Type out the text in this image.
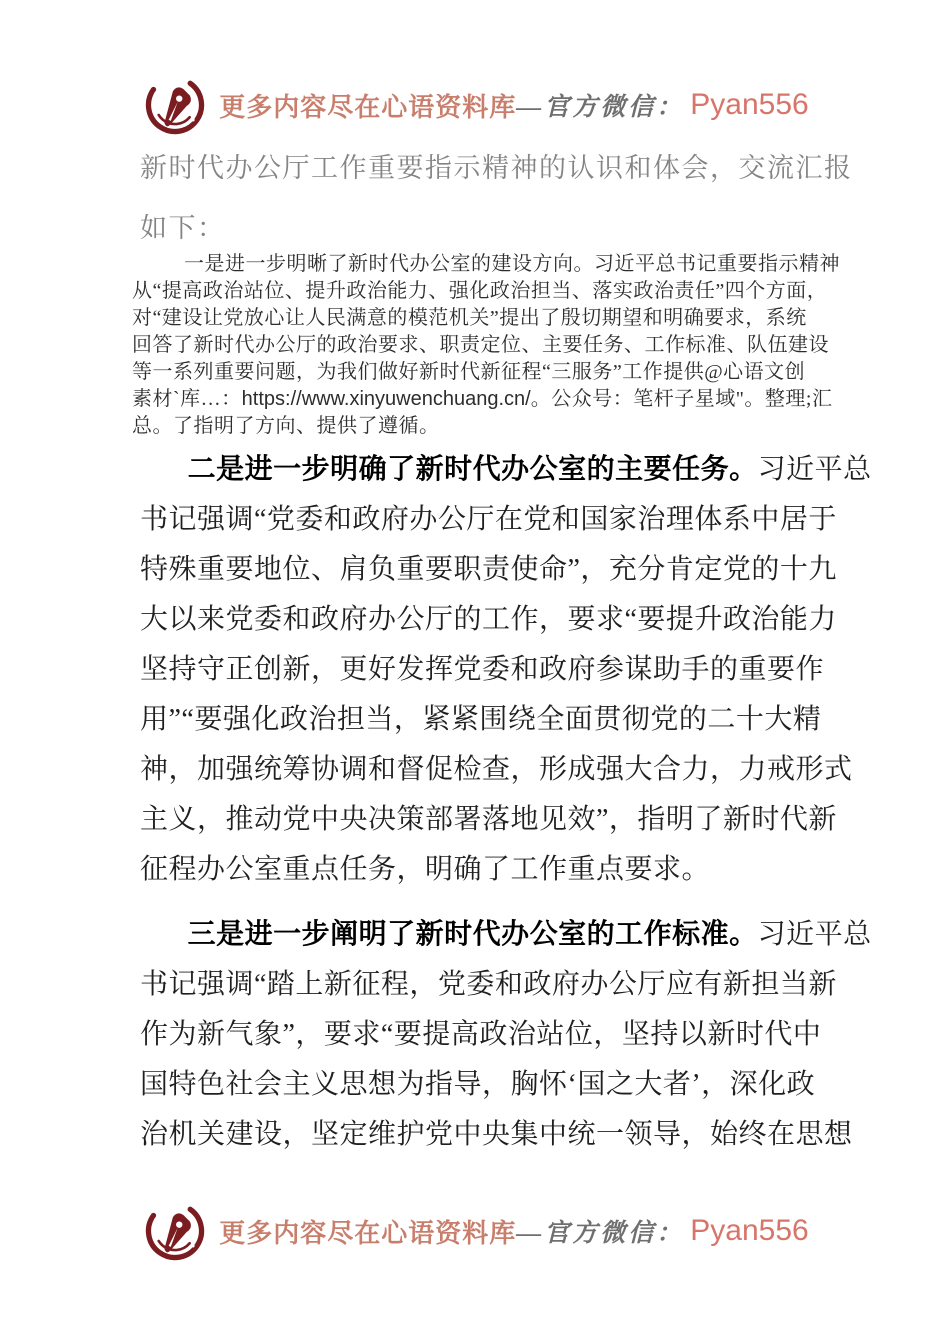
更多内容尽在心语资料库 —官方微信： Pyan556
新时代办公厅工作重要指示精神的认识和体会，交流汇报
如下：
一是进一步明晰了新时代办公室的建设方向。习近平总书记重要指示精神
从“提高政治站位、提升政治能力、强化政治担当、落实政治责任”四个方面，
对“建设让党放心让人民满意的模范机关”提出了殷切期望和明确要求，系统
回答了新时代办公厅的政治要求、职责定位、主要任务、工作标准、队伍建设
等一系列重要问题，为我们做好新时代新征程“三服务”工作提供@心语文创
素材`库…：https://www.xinyuwenchuang.cn/。公众号：笔杆子星域"。整理;汇
总。了指明了方向、提供了遵循。
二是进一步明确了新时代办公室的主要任务。习近平总
书记强调“党委和政府办公厅在党和国家治理体系中居于
特殊重要地位、肩负重要职责使命”，充分肯定党的十九
大以来党委和政府办公厅的工作，要求“要提升政治能力
坚持守正创新，更好发挥党委和政府参谋助手的重要作
用”“要强化政治担当，紧紧围绕全面贯彻党的二十大精
神，加强统筹协调和督促检查，形成强大合力，力戒形式
主义，推动党中央决策部署落地见效”，指明了新时代新
征程办公室重点任务，明确了工作重点要求。
三是进一步阐明了新时代办公室的工作标准。习近平总
书记强调“踏上新征程，党委和政府办公厅应有新担当新
作为新气象”，要求“要提高政治站位，坚持以新时代中
国特色社会主义思想为指导，胸怀‘国之大者’，深化政
治机关建设，坚定维护党中央集中统一领导，始终在思想
更多内容尽在心语资料库 —官方微信： Pyan556
